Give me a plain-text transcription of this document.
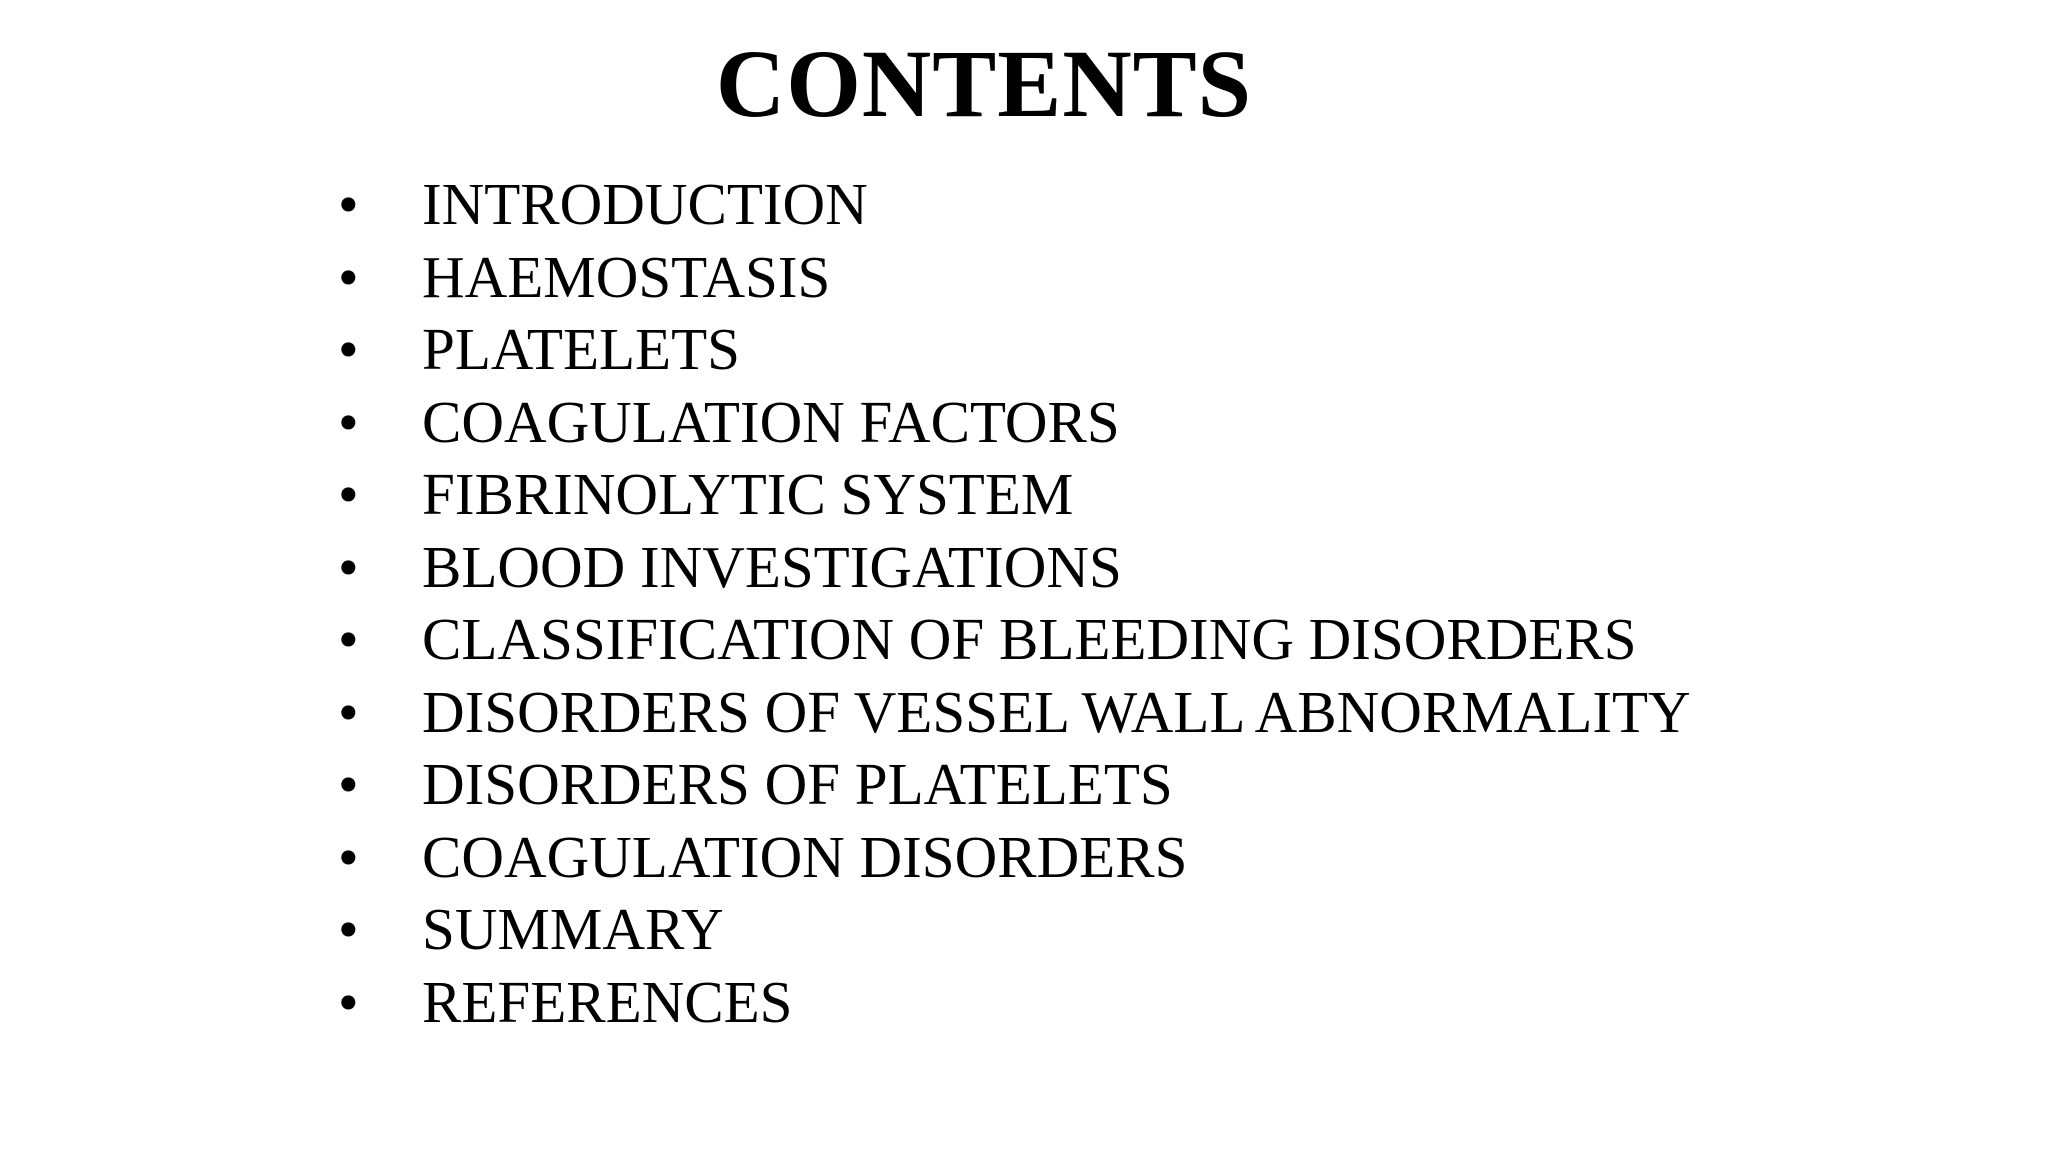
CONTENTS
•	INTRODUCTION
•	HAEMOSTASIS
•	PLATELETS
•	COAGULATION FACTORS
•	FIBRINOLYTIC SYSTEM
•	BLOOD INVESTIGATIONS
•	CLASSIFICATION OF BLEEDING DISORDERS
•	DISORDERS OF VESSEL WALL ABNORMALITY
•	DISORDERS OF PLATELETS
•	COAGULATION DISORDERS
•	SUMMARY
•	REFERENCES
